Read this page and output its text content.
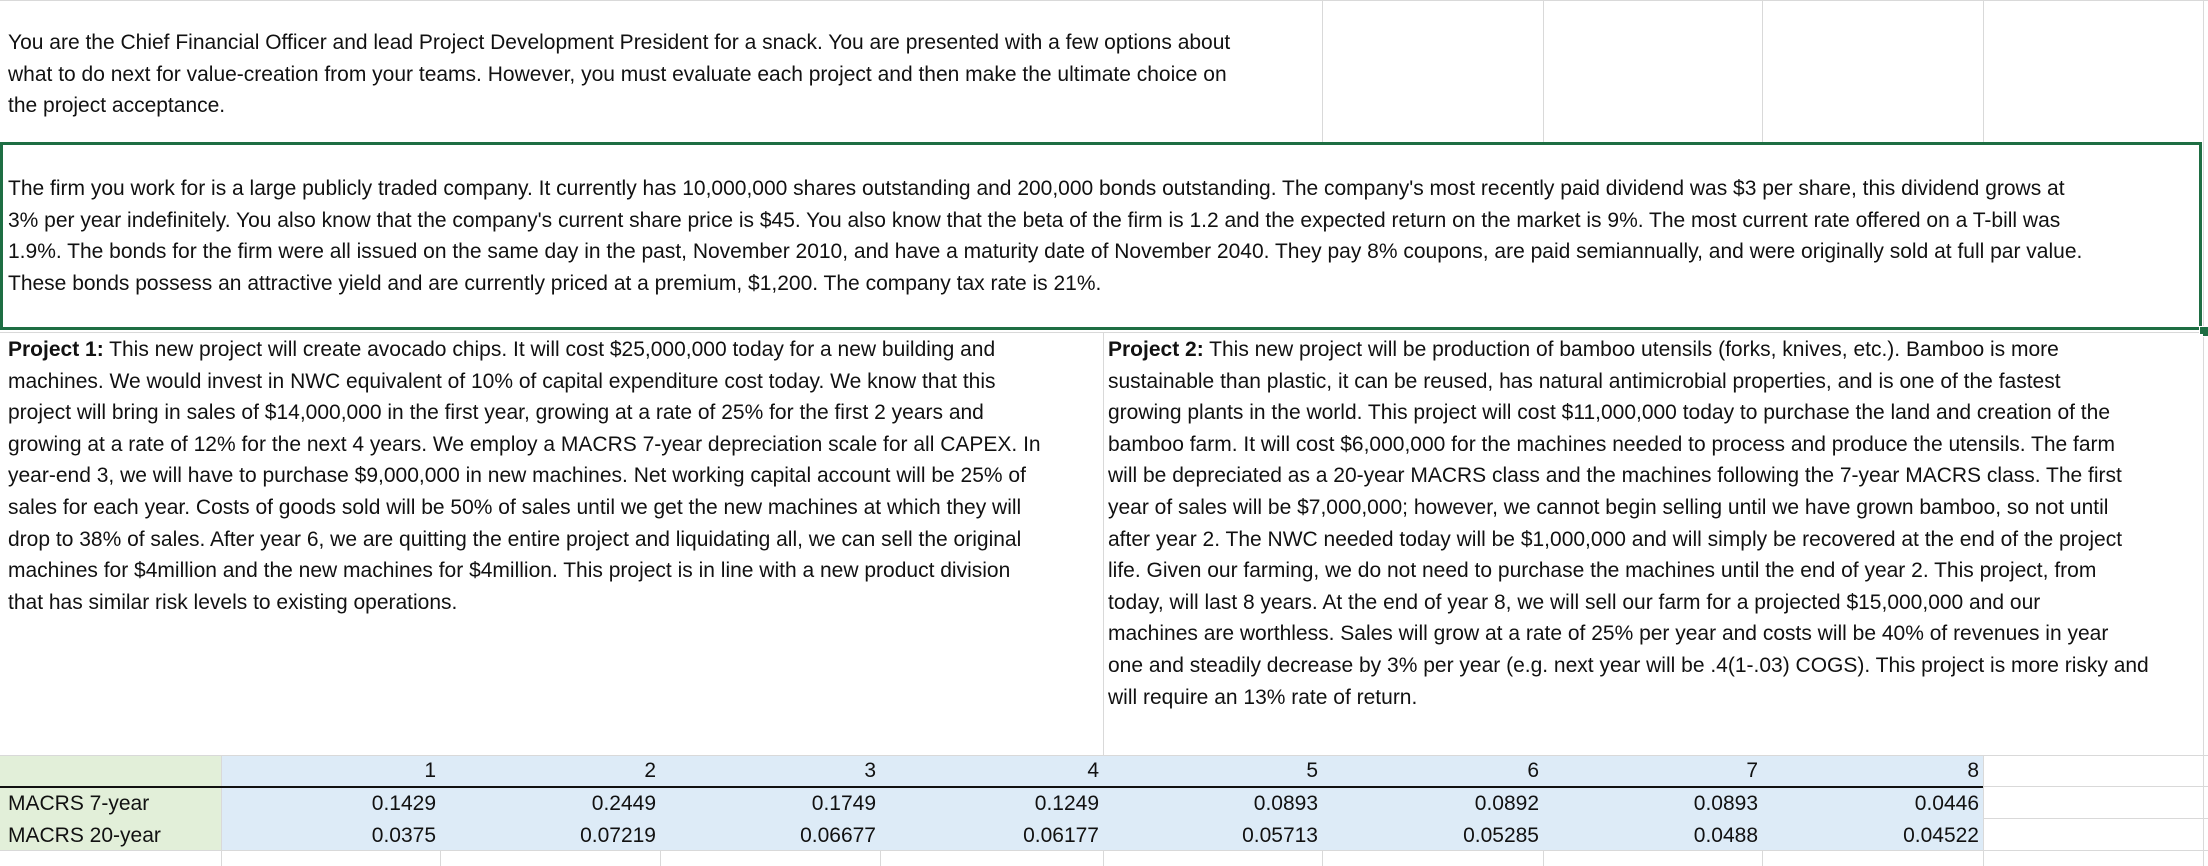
You are the Chief Financial Officer and lead Project Development President for a snack. You are presented with a few options about
what to do next for value-creation from your teams. However, you must evaluate each project and then make the ultimate choice on
the project acceptance.

The firm you work for is a large publicly traded company. It currently has 10,000,000 shares outstanding and 200,000 bonds outstanding. The company's most recently paid dividend was $3 per share, this dividend grows at
3% per year indefinitely. You also know that the company's current share price is $45. You also know that the beta of the firm is 1.2 and the expected return on the market is 9%. The most current rate offered on a T-bill was
1.9%. The bonds for the firm were all issued on the same day in the past, November 2010, and have a maturity date of November 2040. They pay 8% coupons, are paid semiannually, and were originally sold at full par value.
These bonds possess an attractive yield and are currently priced at a premium, $1,200. The company tax rate is 21%.

Project 1: This new project will create avocado chips. It will cost $25,000,000 today for a new building and
machines. We would invest in NWC equivalent of 10% of capital expenditure cost today. We know that this
project will bring in sales of $14,000,000 in the first year, growing at a rate of 25% for the first 2 years and
growing at a rate of 12% for the next 4 years. We employ a MACRS 7-year depreciation scale for all CAPEX. In
year-end 3, we will have to purchase $9,000,000 in new machines. Net working capital account will be 25% of
sales for each year. Costs of goods sold will be 50% of sales until we get the new machines at which they will
drop to 38% of sales. After year 6, we are quitting the entire project and liquidating all, we can sell the original
machines for $4million and the new machines for $4million. This project is in line with a new product division
that has similar risk levels to existing operations.
Project 2: This new project will be production of bamboo utensils (forks, knives, etc.). Bamboo is more
sustainable than plastic, it can be reused, has natural antimicrobial properties, and is one of the fastest
growing plants in the world. This project will cost $11,000,000 today to purchase the land and creation of the
bamboo farm. It will cost $6,000,000 for the machines needed to process and produce the utensils. The farm
will be depreciated as a 20-year MACRS class and the machines following the 7-year MACRS class. The first
year of sales will be $7,000,000; however, we cannot begin selling until we have grown bamboo, so not until
after year 2. The NWC needed today will be $1,000,000 and will simply be recovered at the end of the project
life. Given our farming, we do not need to purchase the machines until the end of year 2. This project, from
today, will last 8 years. At the end of year 8, we will sell our farm for a projected $15,000,000 and our
machines are worthless. Sales will grow at a rate of 25% per year and costs will be 40% of revenues in year
one and steadily decrease by 3% per year (e.g. next year will be .4(1-.03) COGS). This project is more risky and
will require an 13% rate of return.
1	2	3	4	5	6	7	8
MACRS 7-year	0.1429	0.2449	0.1749	0.1249	0.0893	0.0892	0.0893	0.0446
MACRS 20-year	0.0375	0.07219	0.06677	0.06177	0.05713	0.05285	0.0488	0.04522
